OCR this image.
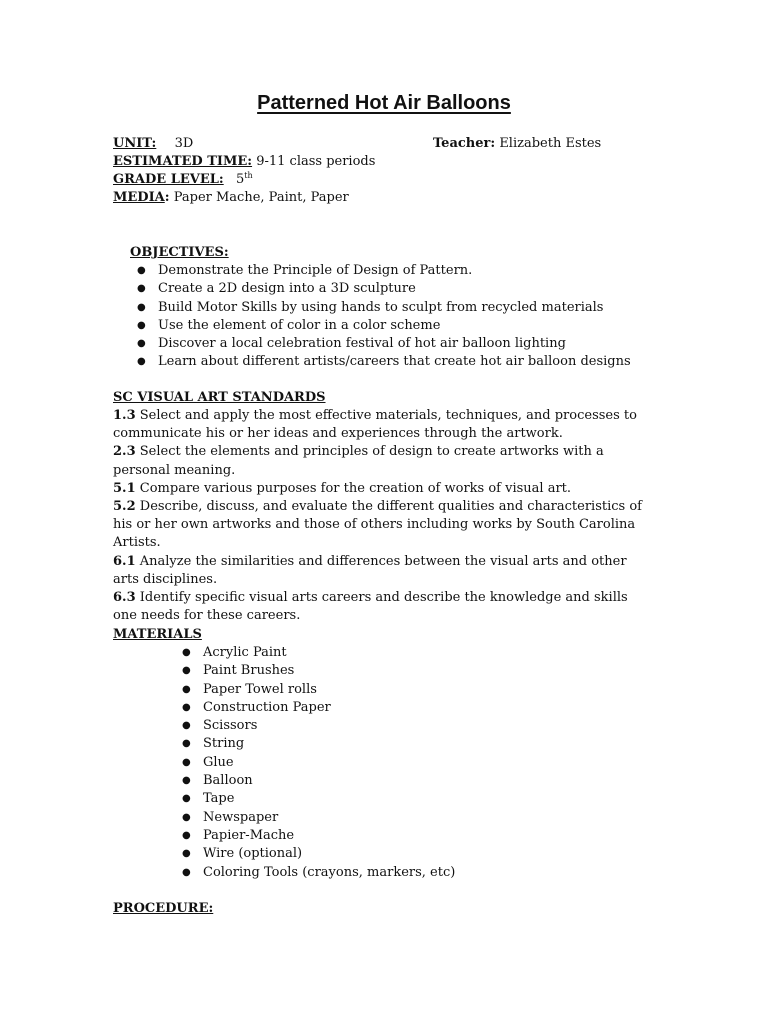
Patterned Hot Air Balloons
UNIT: 3D	Teacher: Elizabeth Estes
ESTIMATED TIME: 9-11 class periods
GRADE LEVEL: 5th
MEDIA: Paper Mache, Paint, Paper
OBJECTIVES:
● Demonstrate the Principle of Design of Pattern.
● Create a 2D design into a 3D sculpture
● Build Motor Skills by using hands to sculpt from recycled materials
● Use the element of color in a color scheme
● Discover a local celebration festival of hot air balloon lighting
● Learn about different artists/careers that create hot air balloon designs
SC VISUAL ART STANDARDS

1.3 Select and apply the most effective materials, techniques, and processes to communicate his or her ideas and experiences through the artwork.

2.3 Select the elements and principles of design to create artworks with a personal meaning.

5.1 Compare various purposes for the creation of works of visual art.

5.2 Describe, discuss, and evaluate the different qualities and characteristics of his or her own artworks and those of others including works by South Carolina Artists.

6.1 Analyze the similarities and differences between the visual arts and other arts disciplines.

6.3 Identify specific visual arts careers and describe the knowledge and skills one needs for these careers.

MATERIALS
● Acrylic Paint
● Paint Brushes
● Paper Towel rolls
● Construction Paper
● Scissors
● String
● Glue
● Balloon
● Tape
● Newspaper
● Papier-Mache
● Wire (optional)
● Coloring Tools (crayons, markers, etc)
PROCEDURE:
